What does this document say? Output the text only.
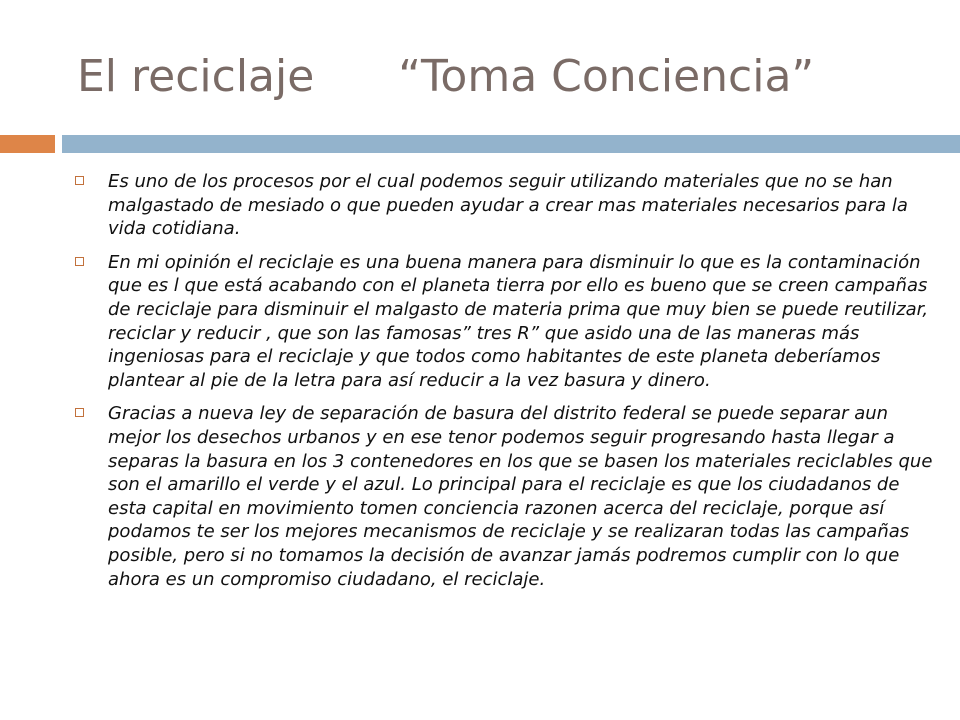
El reciclaje      “Toma Conciencia”
Es uno de los procesos por el cual podemos seguir utilizando materiales que no se han malgastado de mesiado o que pueden ayudar a crear mas materiales necesarios para la vida cotidiana.
En mi opinión el reciclaje es una buena manera para disminuir lo que es la contaminación que es l que está acabando con el planeta tierra por ello es bueno que se creen campañas de reciclaje para disminuir el malgasto de materia prima que muy bien se puede reutilizar, reciclar y reducir , que son las famosas” tres R” que asido una de las maneras más ingeniosas para el reciclaje y que todos como habitantes de este planeta deberíamos plantear al pie de la letra para así reducir a la vez basura y dinero.
Gracias a nueva ley de separación de basura del distrito federal se puede separar aun mejor los desechos urbanos y en ese tenor podemos seguir progresando hasta llegar a separas la basura en los 3 contenedores en los que se basen los materiales reciclables que son el amarillo el verde y el azul. Lo principal para el reciclaje es que los ciudadanos de esta capital en movimiento tomen conciencia razonen acerca del reciclaje, porque así podamos te ser los mejores mecanismos de reciclaje y se realizaran todas las campañas posible, pero si no tomamos la decisión de avanzar jamás podremos cumplir con lo que ahora es un compromiso ciudadano, el reciclaje.
